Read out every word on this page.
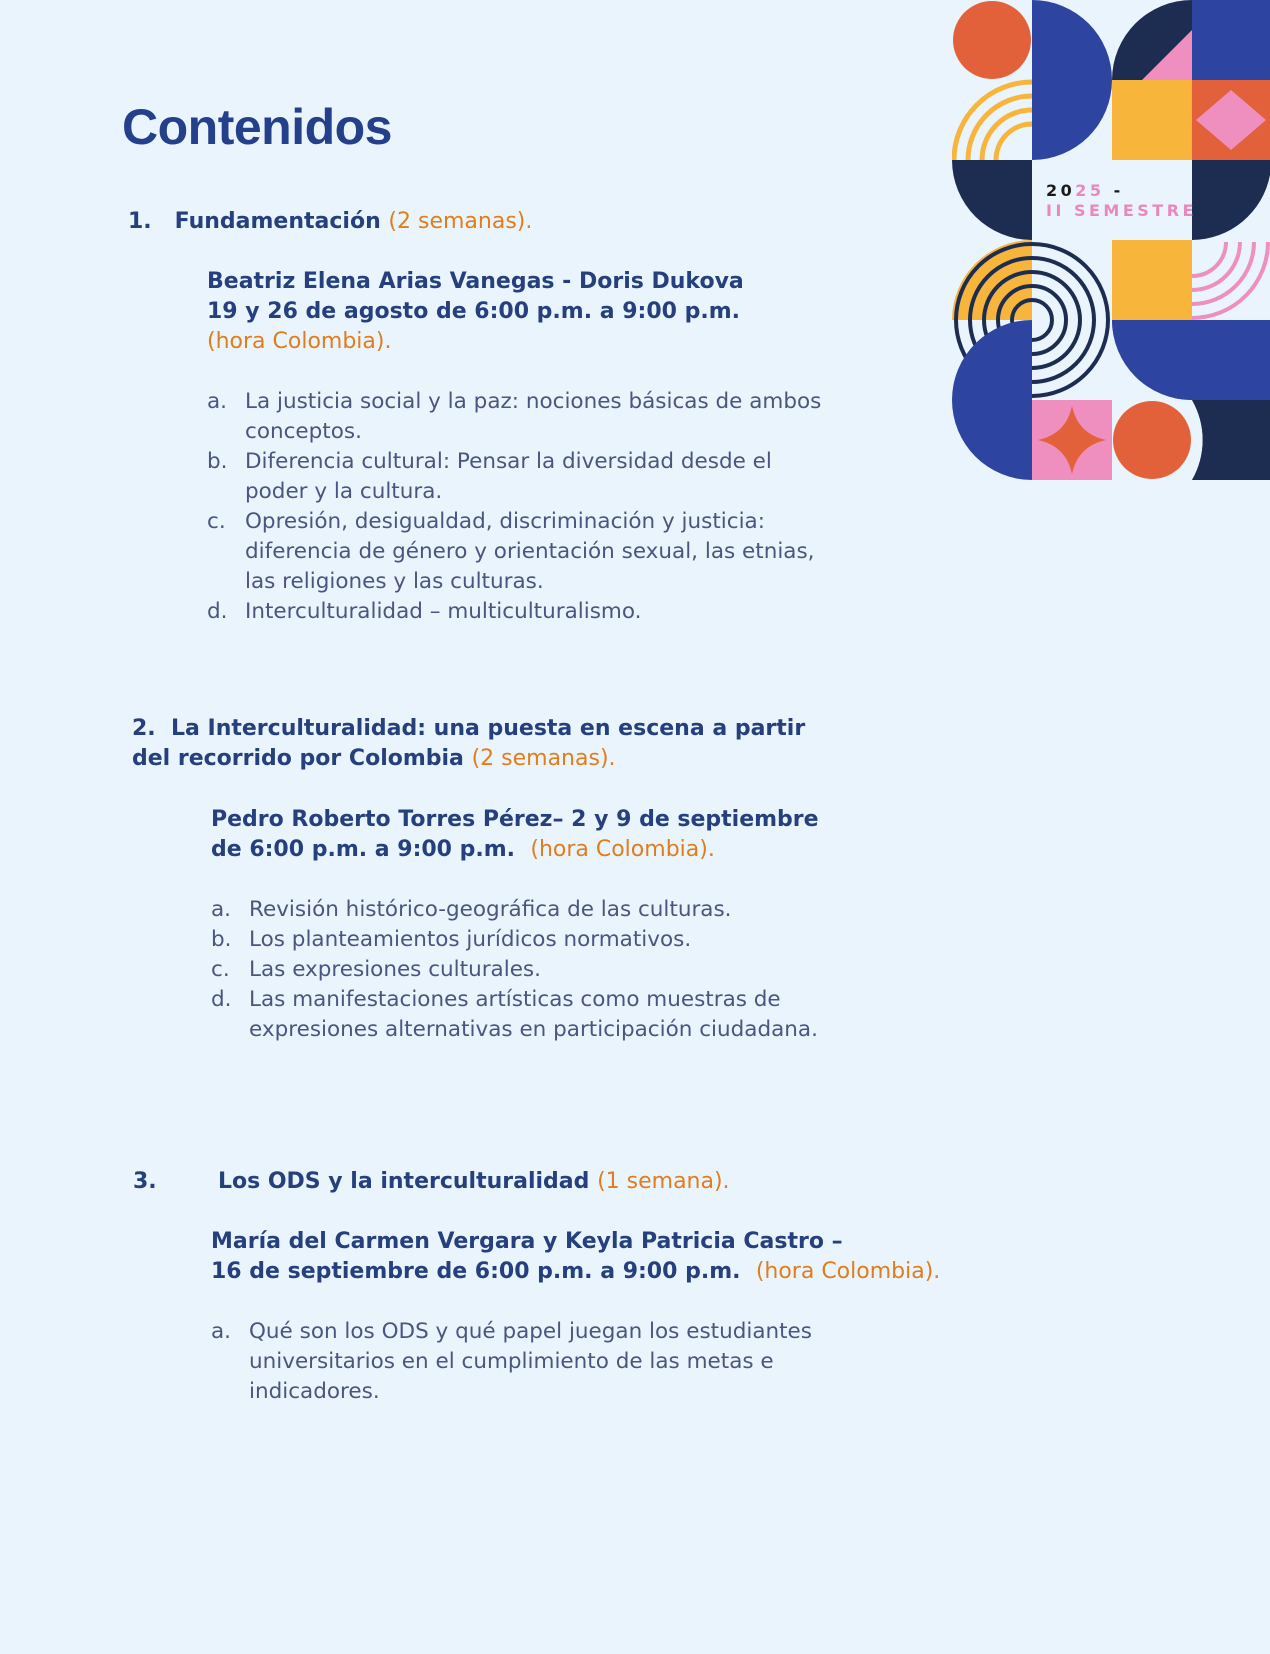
Contenidos
2025 -
II SEMESTRE
1. Fundamentación (2 semanas).
Beatriz Elena Arias Vanegas - Doris Dukova
19 y 26 de agosto de 6:00 p.m. a 9:00 p.m.
(hora Colombia).
a. La justicia social y la paz: nociones básicas de ambos conceptos.
b. Diferencia cultural: Pensar la diversidad desde el poder y la cultura.
c. Opresión, desigualdad, discriminación y justicia: diferencia de género y orientación sexual, las etnias, las religiones y las culturas.
d. Interculturalidad – multiculturalismo.
2. La Interculturalidad: una puesta en escena a partir del recorrido por Colombia (2 semanas).
Pedro Roberto Torres Pérez– 2 y 9 de septiembre
de 6:00 p.m. a 9:00 p.m. (hora Colombia).
a. Revisión histórico-geográfica de las culturas.
b. Los planteamientos jurídicos normativos.
c. Las expresiones culturales.
d. Las manifestaciones artísticas como muestras de expresiones alternativas en participación ciudadana.
3.	Los ODS y la interculturalidad (1 semana).
María del Carmen Vergara y Keyla Patricia Castro –
16 de septiembre de 6:00 p.m. a 9:00 p.m. (hora Colombia).
a. Qué son los ODS y qué papel juegan los estudiantes universitarios en el cumplimiento de las metas e indicadores.
